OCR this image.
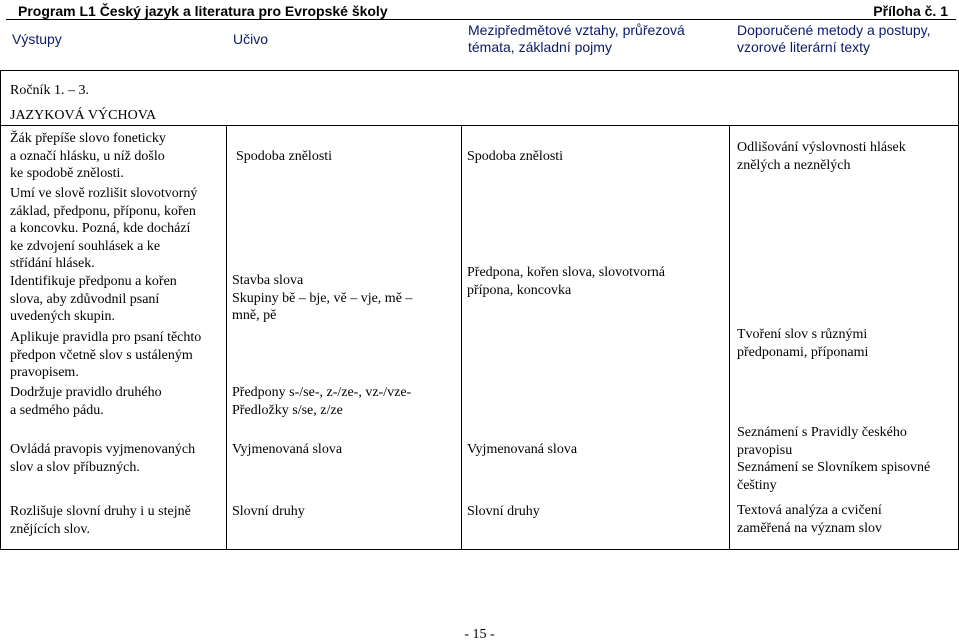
Program L1 Český jazyk a literatura pro Evropské školy	Příloha č. 1
Výstupy	Učivo
Mezipředmětové vztahy, průřezová
témata, základní pojmy
Doporučené metody a postupy,
vzorové literární texty
Ročník 1. – 3.
JAZYKOVÁ VÝCHOVA
Žák přepíše slovo foneticky
a označí hlásku, u níž došlo
ke spodobě znělosti.
Umí ve slově rozlišit slovotvorný
základ, předponu, příponu, kořen
a koncovku. Pozná, kde dochází
ke zdvojení souhlásek a ke
střídání hlásek.
Identifikuje předponu a kořen
slova, aby zdůvodnil psaní
uvedených skupin.
Aplikuje pravidla pro psaní těchto
předpon včetně slov s ustáleným
pravopisem.
Dodržuje pravidlo druhého
a sedmého pádu.
Ovládá pravopis vyjmenovaných
slov a slov příbuzných.
Rozlišuje slovní druhy i u stejně
znějících slov.
Spodoba znělosti
Stavba slova
Skupiny bě – bje, vě – vje, mě –
mně, pě
Předpony s-/se-, z-/ze-, vz-/vze-
Předložky s/se, z/ze
Vyjmenovaná slova
Slovní druhy
Spodoba znělosti
Předpona, kořen slova, slovotvorná
přípona, koncovka
Vyjmenovaná slova
Slovní druhy
Odlišování výslovnosti hlásek
znělých a neznělých
Tvoření slov s různými
předponami, příponami
Seznámení s Pravidly českého
pravopisu
Seznámení se Slovníkem spisovné
češtiny
Textová analýza a cvičení
zaměřená na význam slov
- 15 -
